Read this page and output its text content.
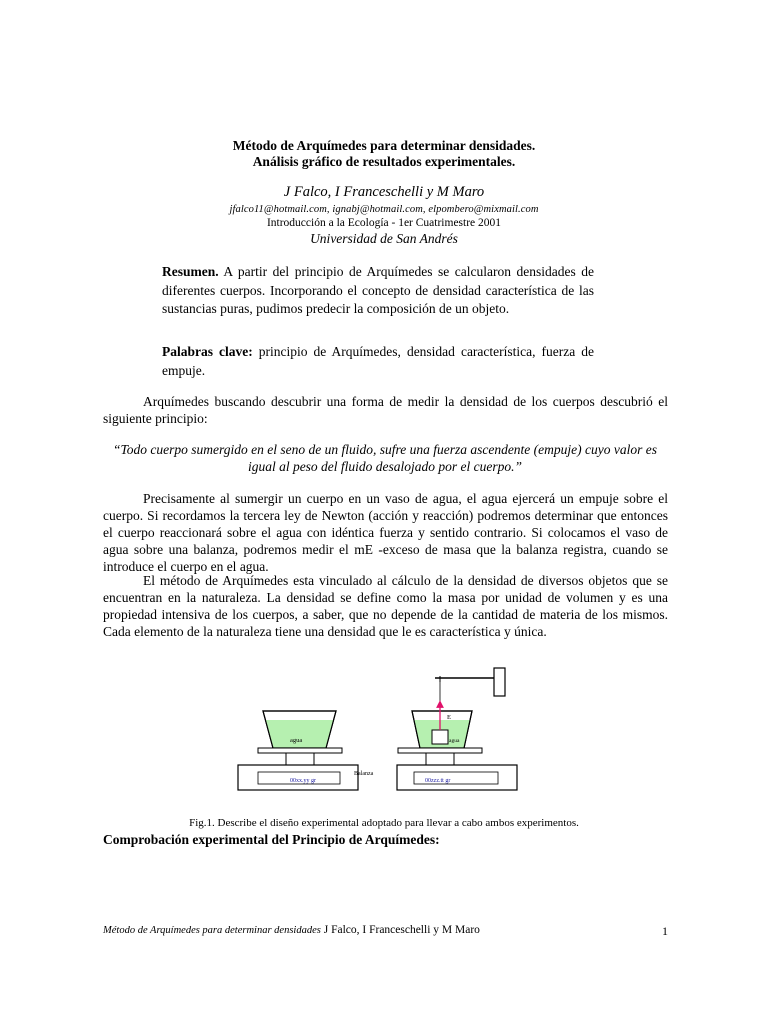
Método de Arquímedes para determinar densidades.
Análisis gráfico de resultados experimentales.
J Falco, I Franceschelli y M Maro
jfalco11@hotmail.com, ignabj@hotmail.com, elpombero@mixmail.com
Introducción a la Ecología - 1er Cuatrimestre 2001
Universidad de San Andrés
Resumen. A partir del principio de Arquímedes se calcularon densidades de diferentes cuerpos. Incorporando el concepto de densidad característica de las sustancias puras, pudimos predecir la composición de un objeto.
Palabras clave: principio de Arquímedes, densidad característica, fuerza de empuje.
Arquímedes buscando descubrir una forma de medir la densidad de los cuerpos descubrió el siguiente principio:
“Todo cuerpo sumergido en el seno de un fluido, sufre una fuerza ascendente (empuje) cuyo valor es igual al peso del fluido desalojado por el cuerpo.”
Precisamente al sumergir un cuerpo en un vaso de agua, el agua ejercerá un empuje sobre el cuerpo. Si recordamos la tercera ley de Newton (acción y reacción) podremos determinar que entonces el cuerpo reaccionará sobre el agua con idéntica fuerza y sentido contrario. Si colocamos el vaso de agua sobre una balanza, podremos medir el mE -exceso de masa que la balanza registra, cuando se introduce el cuerpo en el agua.
El método de Arquímedes esta vinculado al cálculo de la densidad de diversos objetos que se encuentran en la naturaleza. La densidad se define como la masa por unidad de volumen y es una propiedad intensiva de los cuerpos, a saber, que no depende de la cantidad de materia de los mismos. Cada elemento de la naturaleza tiene una densidad que le es característica y única.
agua
00xx.yy gr
Balanza
agua
E
00zzz.tt gr
Fig.1. Describe el diseño experimental adoptado para llevar a cabo ambos experimentos.
Comprobación experimental del Principio de Arquímedes:
Método de Arquímedes para determinar densidades J Falco, I Franceschelli y M Maro	1
